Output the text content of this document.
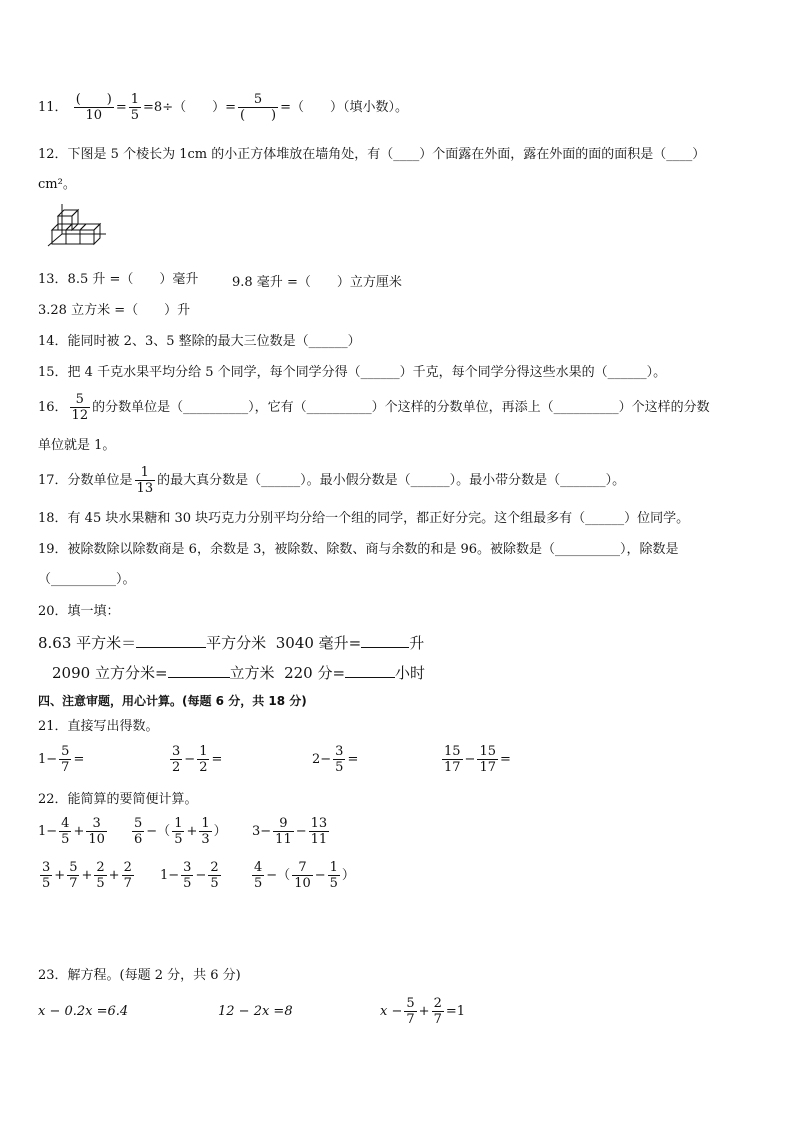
11． $\frac{( )}{10} = \frac{1}{5} =8\div$（　　）= $\frac{5}{( )}$ =（　　）（填小数）。
12．下图是 5 个棱长为 1cm 的小正方体堆放在墙角处，有（____）个面露在外面，露在外面的面的面积是（____）
cm²。
13．8.5 升 =（　　）毫升	9.8 毫升 =（　　）立方厘米
3.28 立方米 =（　　）升
14．能同时被 2、3、5 整除的最大三位数是（______）
15．把 4 千克水果平均分给 5 个同学，每个同学分得（______）千克，每个同学分得这些水果的（______）。
16． $\frac{5}{12}$ 的分数单位是（__________），它有（__________）个这样的分数单位，再添上（__________）个这样的分数
单位就是 1。
17．分数单位是 $\frac{1}{13}$ 的最大真分数是（______）。最小假分数是（______）。最小带分数是（_______）。
18．有 45 块水果糖和 30 块巧克力分别平均分给一个组的同学，都正好分完。这个组最多有（______）位同学。
19．被除数除以除数商是 6，余数是 3，被除数、除数、商与余数的和是 96。被除数是（__________），除数是
（__________）。
20．填一填：
8.63 平方米＝	平方分米 3040 毫升=	升
2090 立方分米=	立方米 220 分=	小时
四、注意审题，用心计算。(每题 6 分，共 18 分)
21．直接写出得数。
$1- \frac{5}{7}$ =	$\frac{3}{2} - \frac{1}{2}$ =	$2- \frac{3}{5}$ =	$\frac{15}{17} - \frac{15}{17}$ =
22．能简算的要简便计算。
$1- \frac{4}{5} + \frac{3}{10} \frac{5}{6}$ −（ $\frac{1}{5} + \frac{1}{3}$ ） $3- \frac{9}{11} - \frac{13}{11}$
$\frac{3}{5} + \frac{5}{7} + \frac{2}{5} + \frac{2}{7} 1- \frac{3}{5} - \frac{2}{5} \frac{4}{5}$ −（ $\frac{7}{10} - \frac{1}{5}$ ）
23．解方程。(每题 2 分，共 6 分)
x − 0.2x =6.4	12 − 2x =8	$x - \frac{5}{7} + \frac{2}{7} =1$
